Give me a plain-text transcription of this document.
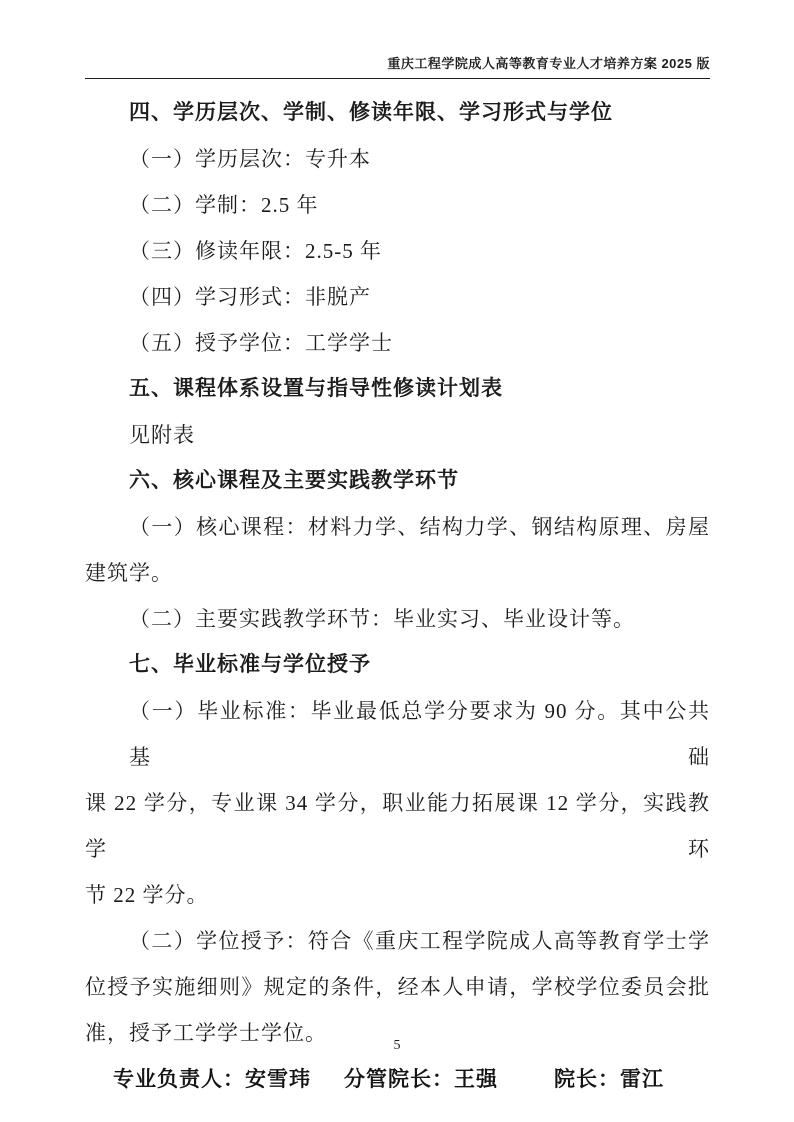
重庆工程学院成人高等教育专业人才培养方案 2025 版
四、学历层次、学制、修读年限、学习形式与学位
（一）学历层次：专升本
（二）学制：2.5 年
（三）修读年限：2.5-5 年
（四）学习形式：非脱产
（五）授予学位：工学学士
五、课程体系设置与指导性修读计划表
见附表
六、核心课程及主要实践教学环节
（一）核心课程：材料力学、结构力学、钢结构原理、房屋
建筑学。
（二）主要实践教学环节：毕业实习、毕业设计等。
七、毕业标准与学位授予
（一）毕业标准：毕业最低总学分要求为 90 分。其中公共基础
课 22 学分，专业课 34 学分，职业能力拓展课 12 学分，实践教学环
节 22 学分。
（二）学位授予：符合《重庆工程学院成人高等教育学士学
位授予实施细则》规定的条件，经本人申请，学校学位委员会批
准，授予工学学士学位。
专业负责人：安雪玮 分管院长：王强	院长：雷江
5
